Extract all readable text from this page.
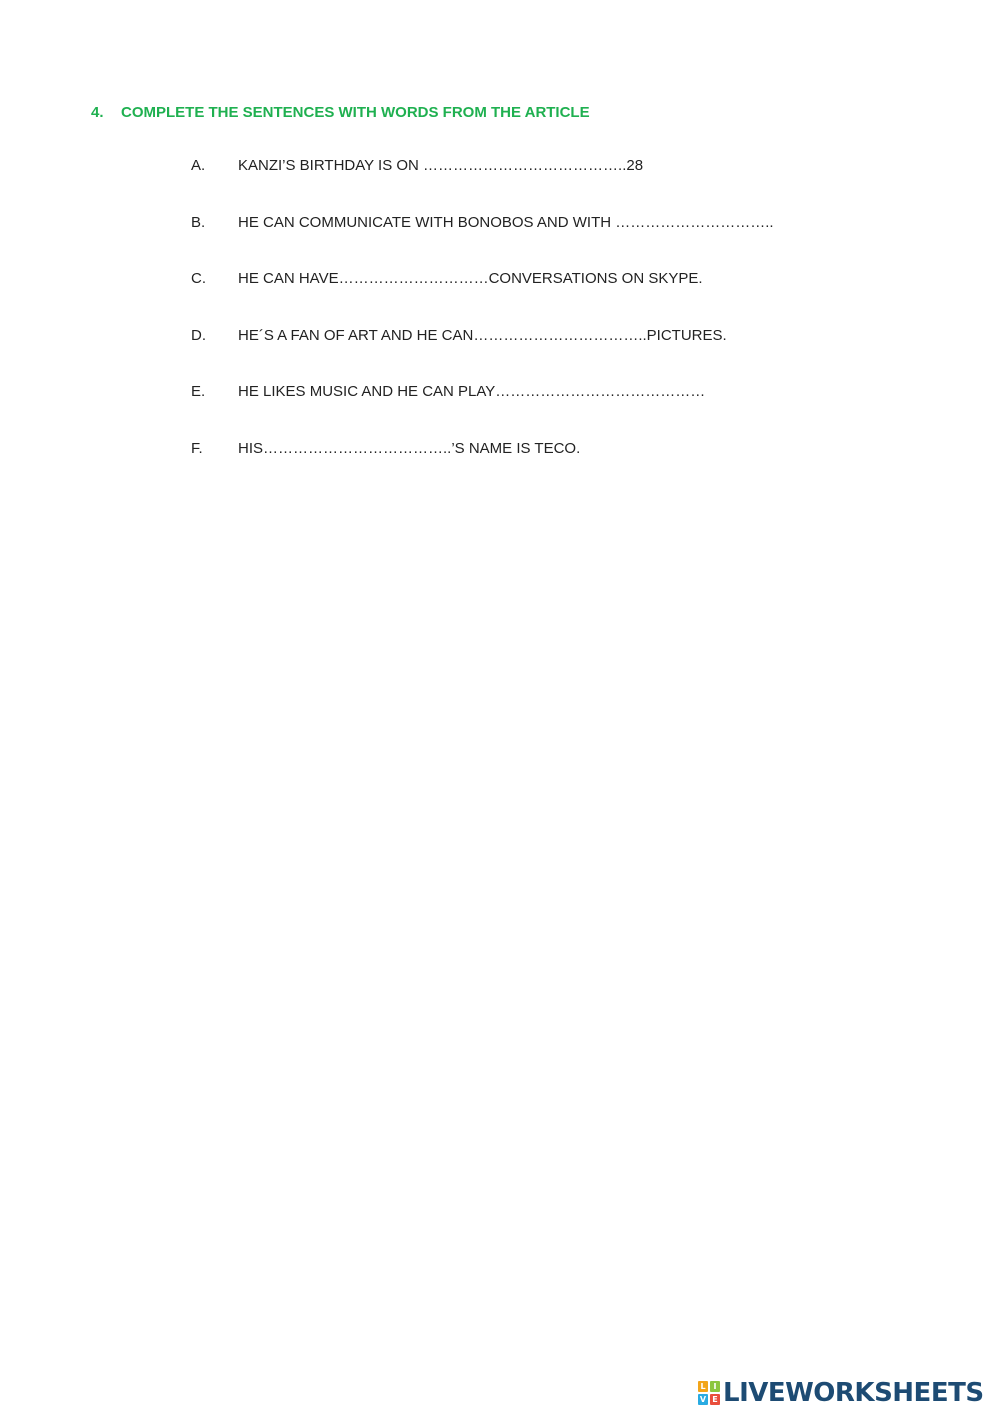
4. COMPLETE THE SENTENCES WITH WORDS FROM THE ARTICLE
A. KANZI’S BIRTHDAY IS ON …………………………………..28
B. HE CAN COMMUNICATE WITH BONOBOS AND WITH …………………………..
C. HE CAN HAVE…………………………CONVERSATIONS ON SKYPE.
D. HE´S A FAN OF ART AND HE CAN……………………………..PICTURES.
E. HE LIKES MUSIC AND HE CAN PLAY……………………………………
F. HIS………………………………..’S NAME IS TECO.
L I
V E LIVEWORKSHEETS
